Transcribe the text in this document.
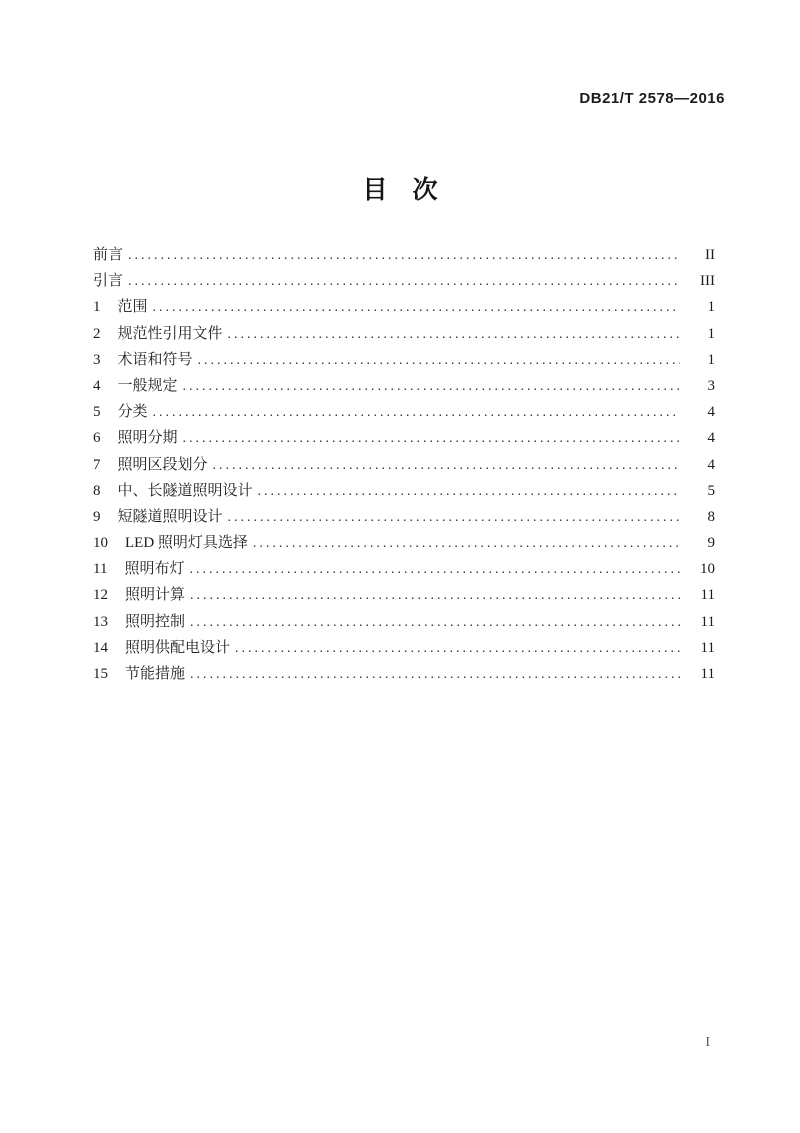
DB21/T 2578—2016
目　次
前言 .....	II
引言 .....	III
1 范围 .....	1
2 规范性引用文件 .....	1
3 术语和符号 .....	1
4 一般规定 .....	3
5 分类 .....	4
6 照明分期 .....	4
7 照明区段划分 .....	4
8 中、长隧道照明设计 .....	5
9 短隧道照明设计 .....	8
10 LED 照明灯具选择 .....	9
11 照明布灯 .....	10
12 照明计算 .....	11
13 照明控制 .....	11
14 照明供配电设计 .....	11
15 节能措施 .....	11
I
